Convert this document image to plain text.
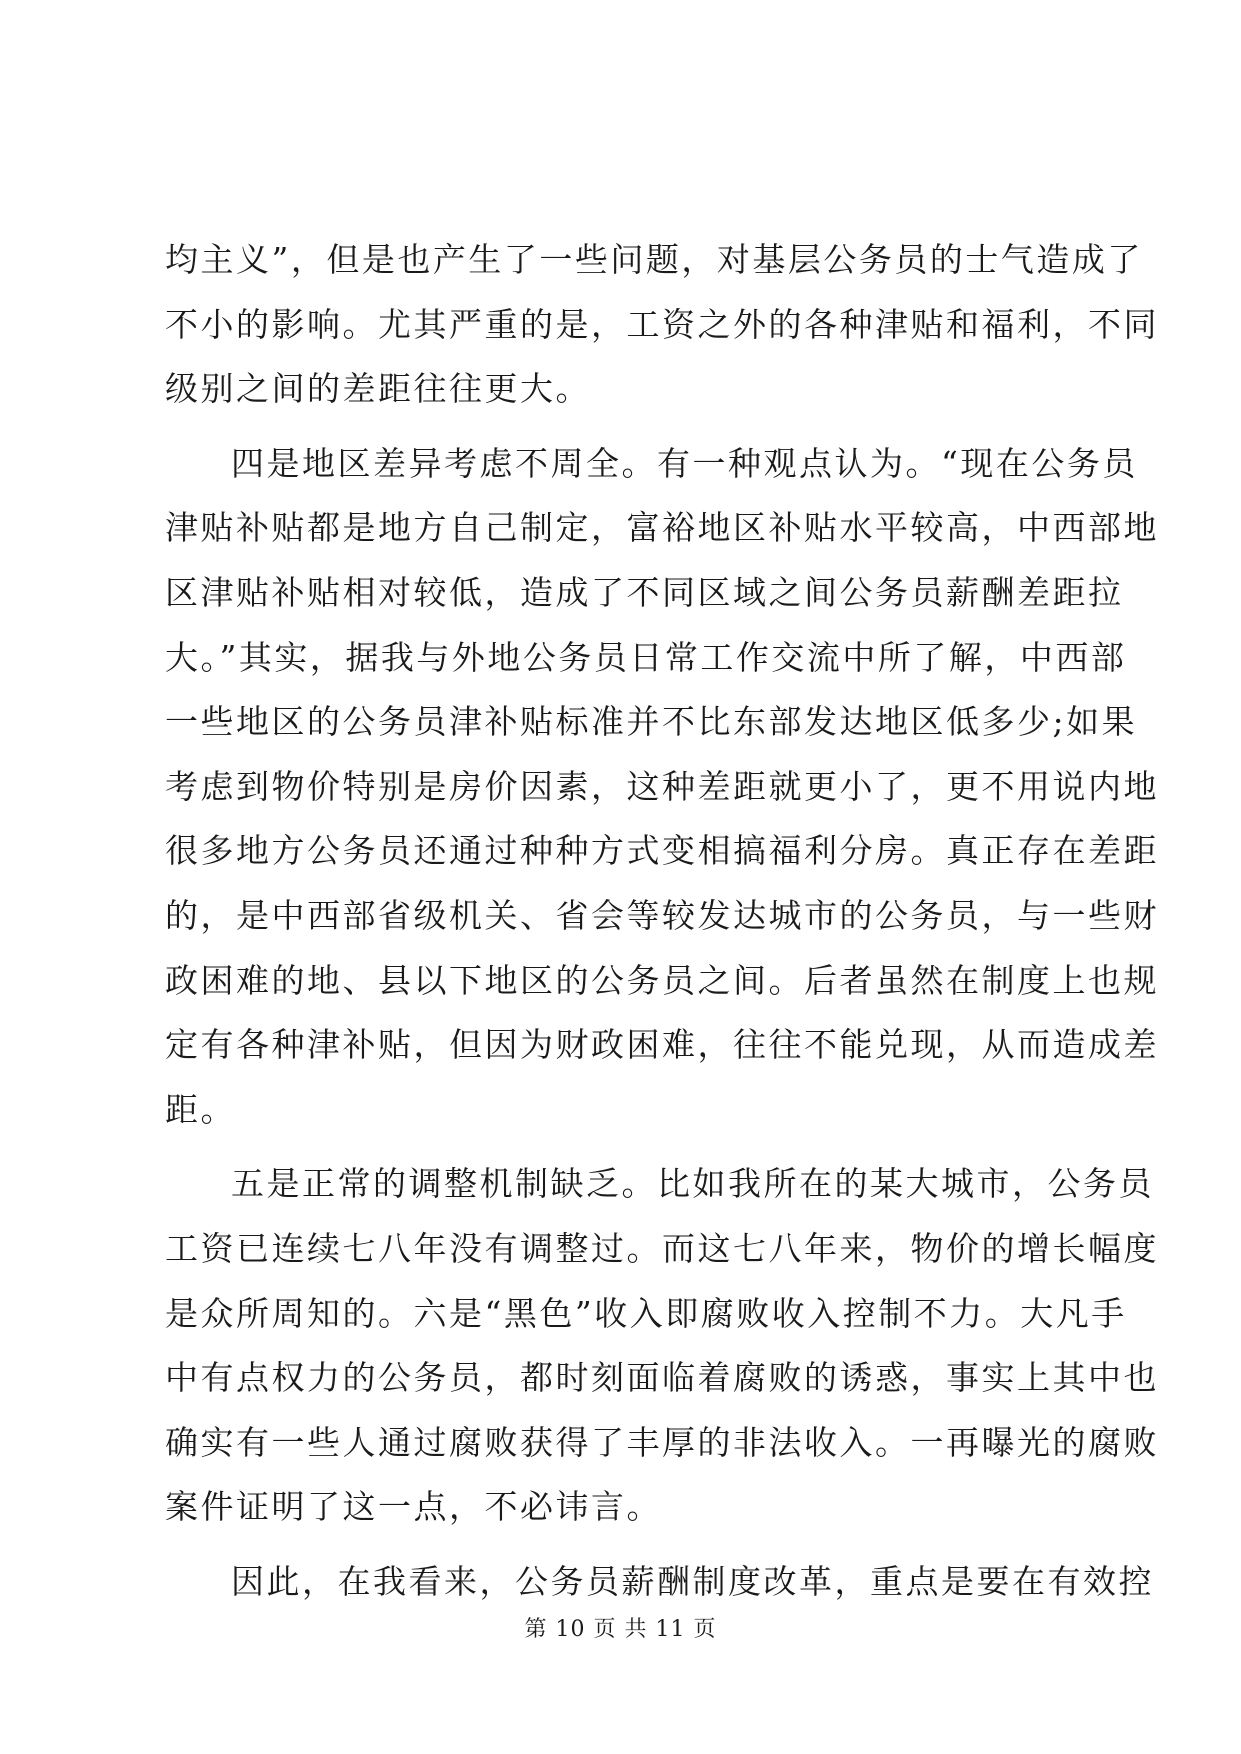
均主义”，但是也产生了一些问题，对基层公务员的士气造成了
不小的影响。尤其严重的是，工资之外的各种津贴和福利，不同
级别之间的差距往往更大。
四是地区差异考虑不周全。有一种观点认为。“现在公务员
津贴补贴都是地方自己制定，富裕地区补贴水平较高，中西部地
区津贴补贴相对较低，造成了不同区域之间公务员薪酬差距拉
大。”其实，据我与外地公务员日常工作交流中所了解，中西部
一些地区的公务员津补贴标准并不比东部发达地区低多少;如果
考虑到物价特别是房价因素，这种差距就更小了，更不用说内地
很多地方公务员还通过种种方式变相搞福利分房。真正存在差距
的，是中西部省级机关、省会等较发达城市的公务员，与一些财
政困难的地、县以下地区的公务员之间。后者虽然在制度上也规
定有各种津补贴，但因为财政困难，往往不能兑现，从而造成差
距。
五是正常的调整机制缺乏。比如我所在的某大城市，公务员
工资已连续七八年没有调整过。而这七八年来，物价的增长幅度
是众所周知的。六是“黑色”收入即腐败收入控制不力。大凡手
中有点权力的公务员，都时刻面临着腐败的诱惑，事实上其中也
确实有一些人通过腐败获得了丰厚的非法收入。一再曝光的腐败
案件证明了这一点，不必讳言。
因此，在我看来，公务员薪酬制度改革，重点是要在有效控
第 10 页 共 11 页
